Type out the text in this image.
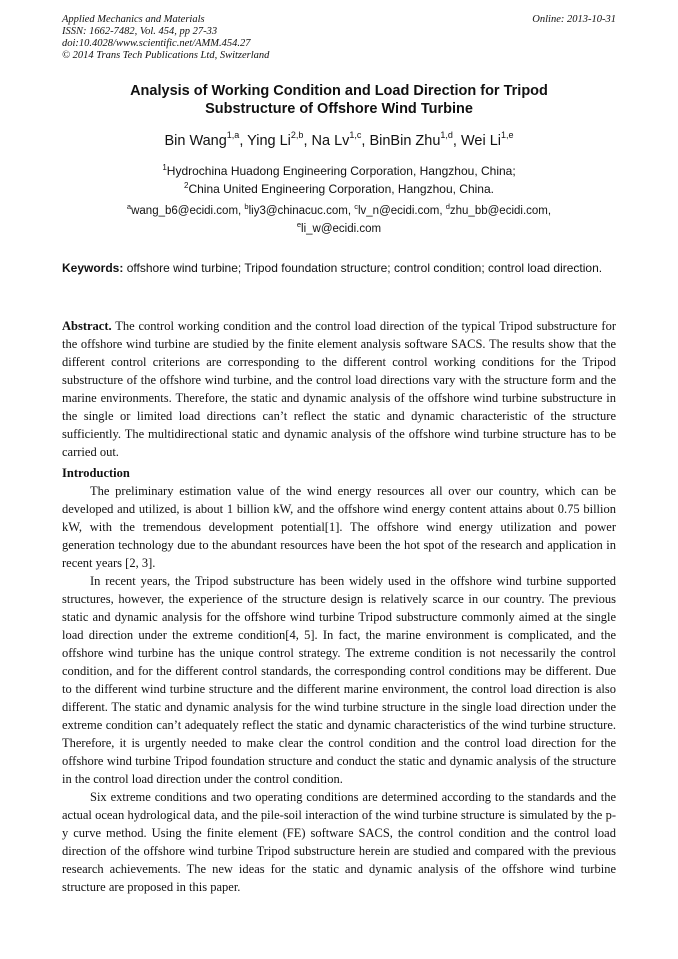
Applied Mechanics and Materials	Online: 2013-10-31
ISSN: 1662-7482, Vol. 454, pp 27-33
doi:10.4028/www.scientific.net/AMM.454.27
© 2014 Trans Tech Publications Ltd, Switzerland
Analysis of Working Condition and Load Direction for Tripod
Substructure of Offshore Wind Turbine
Bin Wang$^{1,a}$, Ying Li$^{2,b}$, Na Lv$^{1,c}$, BinBin Zhu$^{1,d}$, Wei Li$^{1,e}$
$^1$Hydrochina Huadong Engineering Corporation, Hangzhou, China;
$^2$China United Engineering Corporation, Hangzhou, China.
$^a$wang_b6@ecidi.com, $^b$liy3@chinacuc.com, $^c$lv_n@ecidi.com, $^d$zhu_bb@ecidi.com,
$^e$li_w@ecidi.com
Keywords: offshore wind turbine; Tripod foundation structure; control condition; control load direction.

Abstract. The control working condition and the control load direction of the typical Tripod substructure for the offshore wind turbine are studied by the finite element analysis software SACS. The results show that the different control criterions are corresponding to the different control working conditions for the Tripod substructure of the offshore wind turbine, and the control load directions vary with the structure form and the marine environments. Therefore, the static and dynamic analysis of the offshore wind turbine substructure in the single or limited load directions can’t reflect the static and dynamic characteristic of the structure sufficiently. The multidirectional static and dynamic analysis of the offshore wind turbine structure has to be carried out.

Introduction

The preliminary estimation value of the wind energy resources all over our country, which can be developed and utilized, is about 1 billion kW, and the offshore wind energy content attains about 0.75 billion kW, with the tremendous development potential[1]. The offshore wind energy utilization and power generation technology due to the abundant resources have been the hot spot of the research and application in recent years [2, 3].

In recent years, the Tripod substructure has been widely used in the offshore wind turbine supported structures, however, the experience of the structure design is relatively scarce in our country. The previous static and dynamic analysis for the offshore wind turbine Tripod substructure commonly aimed at the single load direction under the extreme condition[4, 5]. In fact, the marine environment is complicated, and the offshore wind turbine has the unique control strategy. The extreme condition is not necessarily the control condition, and for the different control standards, the corresponding control conditions may be different. Due to the different wind turbine structure and the different marine environment, the control load direction is also different. The static and dynamic analysis for the wind turbine structure in the single load direction under the extreme condition can’t adequately reflect the static and dynamic characteristics of the wind turbine structure. Therefore, it is urgently needed to make clear the control condition and the control load direction for the offshore wind turbine Tripod foundation structure and conduct the static and dynamic analysis of the structure in the control load direction under the control condition.

Six extreme conditions and two operating conditions are determined according to the standards and the actual ocean hydrological data, and the pile-soil interaction of the wind turbine structure is simulated by the p-y curve method. Using the finite element (FE) software SACS, the control condition and the control load direction of the offshore wind turbine Tripod substructure herein are studied and compared with the previous research achievements. The new ideas for the static and dynamic analysis of the offshore wind turbine structure are proposed in this paper.
